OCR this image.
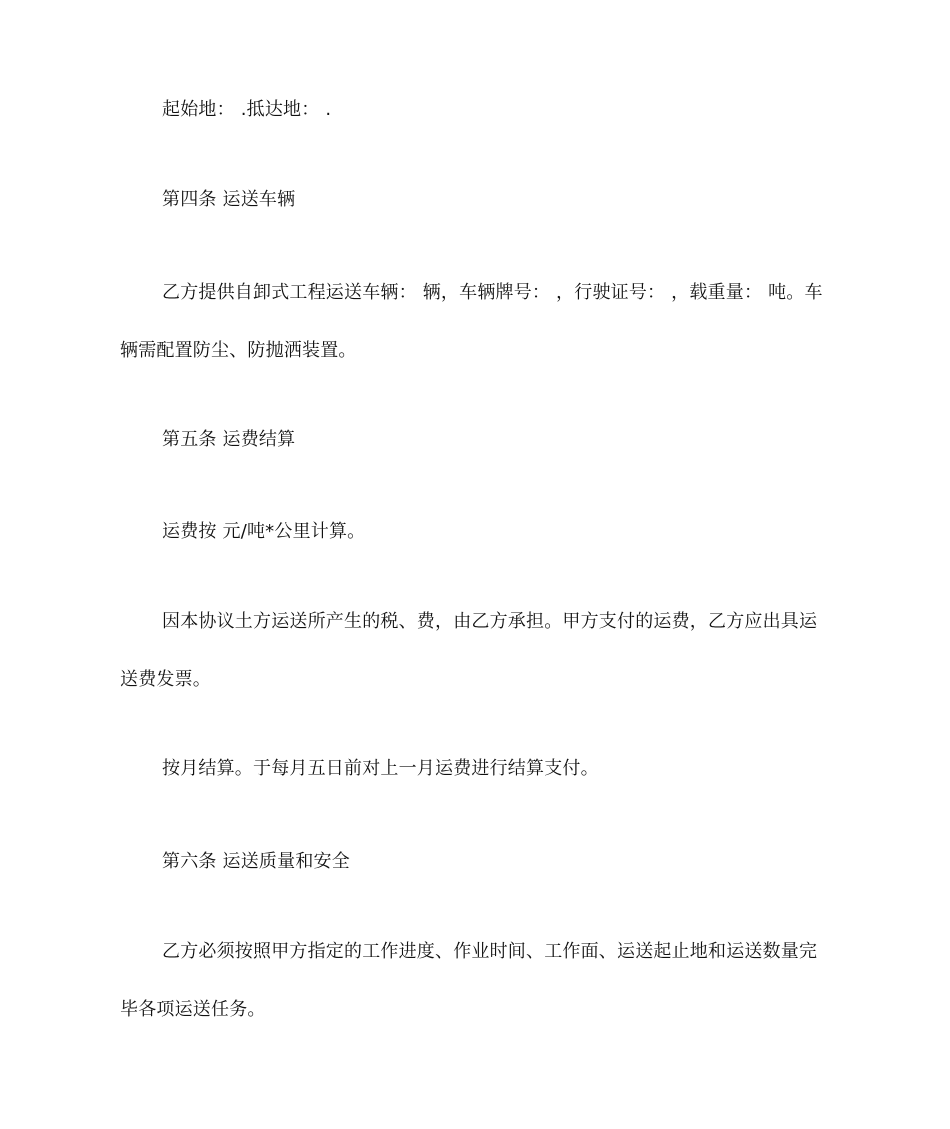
起始地： .抵达地： .

第四条 运送车辆

乙方提供自卸式工程运送车辆： 辆，车辆牌号： ，行驶证号： ，载重量： 吨。车辆需配置防尘、防抛洒装置。

第五条 运费结算

运费按 元/吨*公里计算。

因本协议土方运送所产生的税、费，由乙方承担。甲方支付的运费，乙方应出具运送费发票。

按月结算。于每月五日前对上一月运费进行结算支付。

第六条 运送质量和安全

乙方必须按照甲方指定的工作进度、作业时间、工作面、运送起止地和运送数量完毕各项运送任务。
